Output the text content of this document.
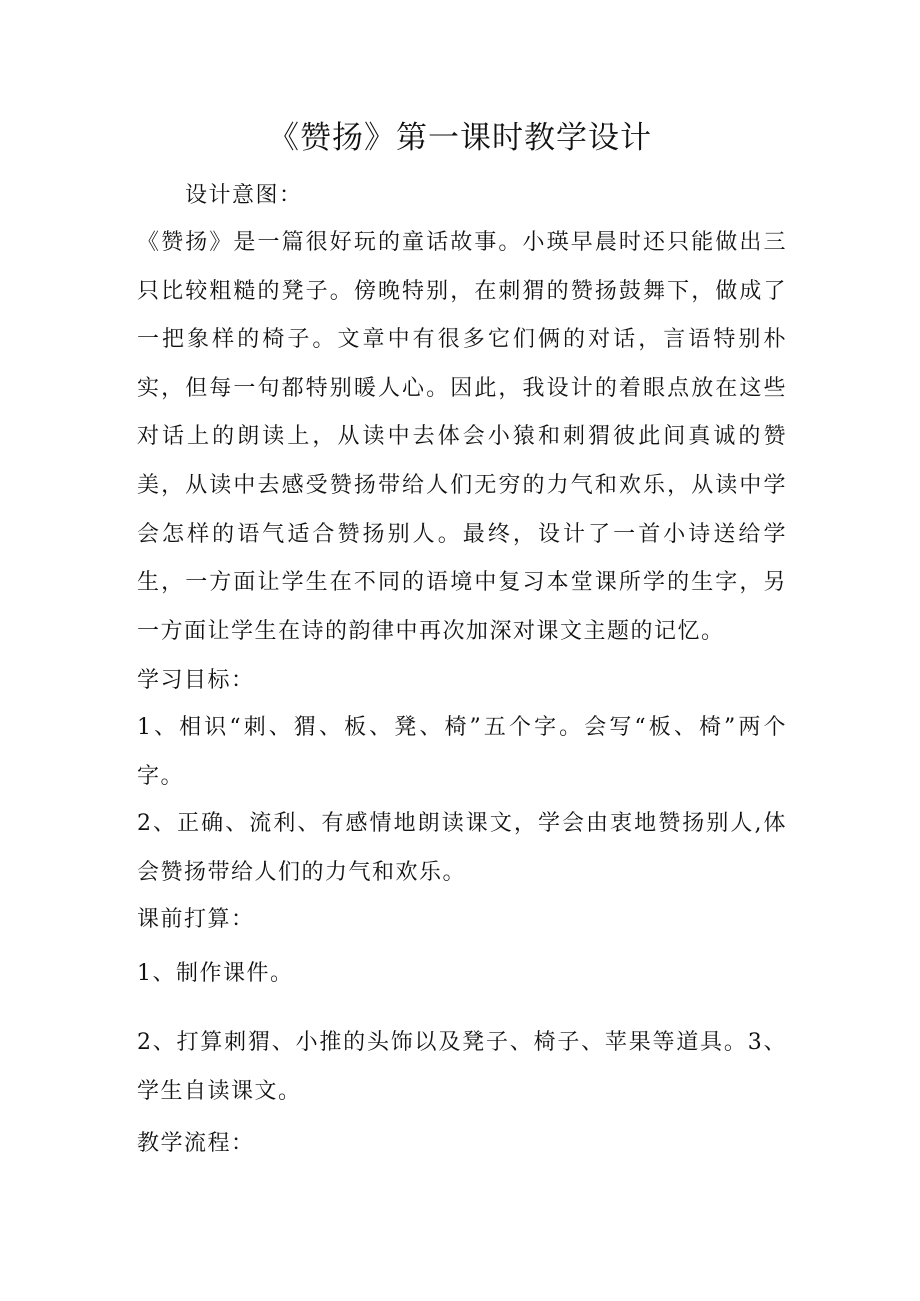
《赞扬》第一课时教学设计

设计意图：

《赞扬》是一篇很好玩的童话故事。小瑛早晨时还只能做出三只比较粗糙的凳子。傍晚特别，在刺猬的赞扬鼓舞下，做成了一把象样的椅子。文章中有很多它们俩的对话，言语特别朴实，但每一句都特别暖人心。因此，我设计的着眼点放在这些对话上的朗读上，从读中去体会小猿和刺猬彼此间真诚的赞美，从读中去感受赞扬带给人们无穷的力气和欢乐，从读中学会怎样的语气适合赞扬别人。最终，设计了一首小诗送给学生，一方面让学生在不同的语境中复习本堂课所学的生字，另一方面让学生在诗的韵律中再次加深对课文主题的记忆。

学习目标：

1、相识“刺、猬、板、凳、椅”五个字。会写“板、椅”两个字。

2、正确、流利、有感情地朗读课文，学会由衷地赞扬别人,体会赞扬带给人们的力气和欢乐。

课前打算：

1、制作课件。

2、打算刺猬、小推的头饰以及凳子、椅子、苹果等道具。3、学生自读课文。

教学流程：
